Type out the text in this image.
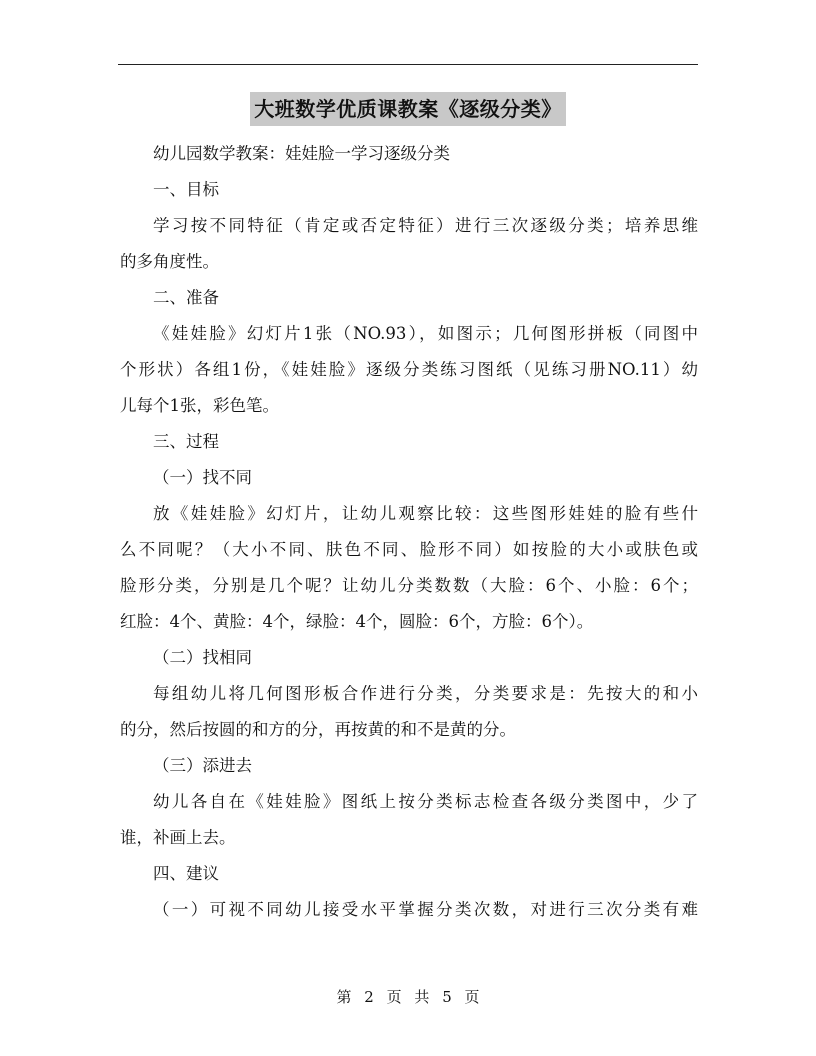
大班数学优质课教案《逐级分类》
幼儿园数学教案：娃娃脸一学习逐级分类
一、目标
学习按不同特征（肯定或否定特征）进行三次逐级分类；培养思维
的多角度性。
二、准备
《娃娃脸》幻灯片1张（NO.93），如图示；几何图形拼板（同图中
个形状）各组1份，《娃娃脸》逐级分类练习图纸（见练习册NO.11）幼
儿每个1张，彩色笔。
三、过程
（一）找不同
放《娃娃脸》幻灯片，让幼儿观察比较：这些图形娃娃的脸有些什
么不同呢？（大小不同、肤色不同、脸形不同）如按脸的大小或肤色或
脸形分类，分别是几个呢？让幼儿分类数数（大脸：6个、小脸：6个；
红脸：4个、黄脸：4个，绿脸：4个，圆脸：6个，方脸：6个）。
（二）找相同
每组幼儿将几何图形板合作进行分类，分类要求是：先按大的和小
的分，然后按圆的和方的分，再按黄的和不是黄的分。
（三）添进去
幼儿各自在《娃娃脸》图纸上按分类标志检查各级分类图中，少了
谁，补画上去。
四、建议
（一）可视不同幼儿接受水平掌握分类次数，对进行三次分类有难
第 2 页 共 5 页
